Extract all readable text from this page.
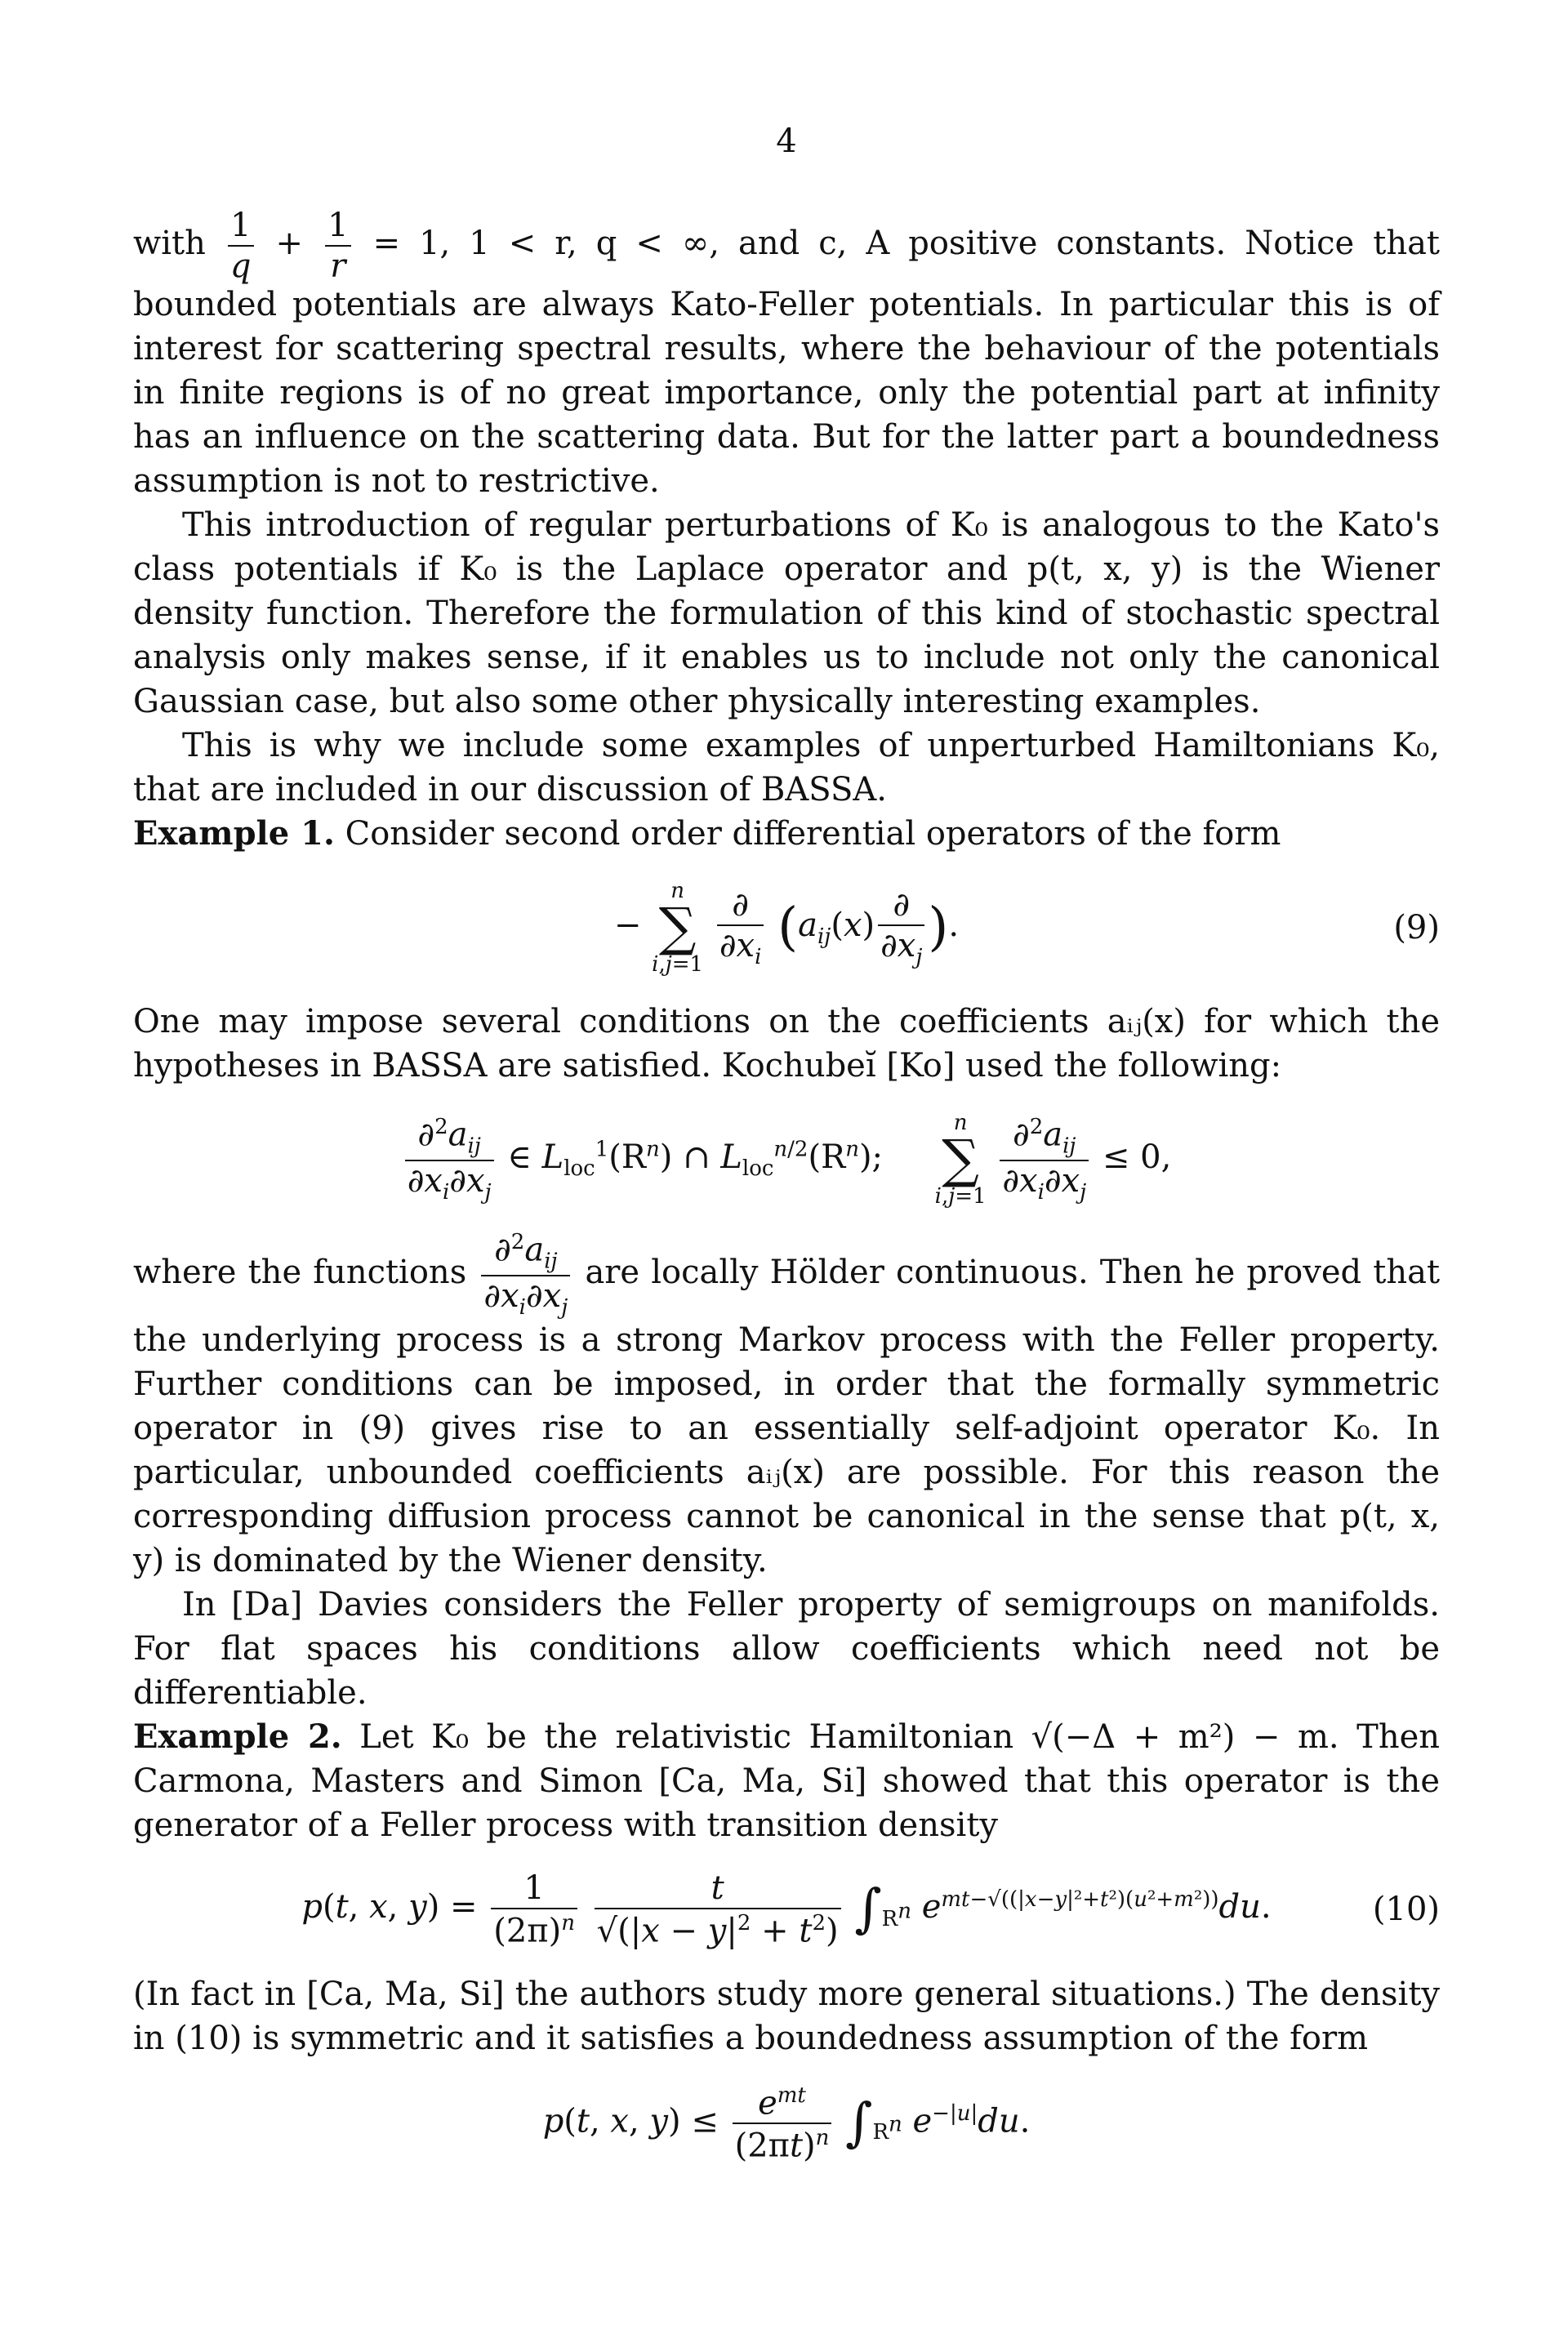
4

with $\frac{1}{q} + \frac{1}{r} = 1$, 1 < r, q < ∞, and c, A positive constants. Notice that bounded potentials are always Kato-Feller potentials. In particular this is of interest for scattering spectral results, where the behaviour of the potentials in finite regions is of no great importance, only the potential part at infinity has an influence on the scattering data. But for the latter part a boundedness assumption is not to restrictive.

This introduction of regular perturbations of K₀ is analogous to the Kato's class potentials if K₀ is the Laplace operator and p(t, x, y) is the Wiener density function. Therefore the formulation of this kind of stochastic spectral analysis only makes sense, if it enables us to include not only the canonical Gaussian case, but also some other physically interesting examples.

This is why we include some examples of unperturbed Hamiltonians K₀, that are included in our discussion of BASSA.

Example 1. Consider second order differential operators of the form

−
n
∑
i,j=1
$\frac{\partial}{\partial x_i} (a_{ij}(x) \frac{\partial}{\partial x_j}$ ).	(9)

One may impose several conditions on the coefficients aᵢⱼ(x) for which the hypotheses in BASSA are satisfied. Kochubeĭ [Ko] used the following:

$\frac{\partial^2a_{ij}}{\partial x_i\partial x_j}$ ∈ $L_{loc}^1(R^n)$ ∩ $L_{loc}^{n/2}(R^n)$;
n
∑
i,j=1
$\frac{\partial^2a_{ij}}{\partial x_i\partial x_j} \le 0$,

where the functions $\frac{\partial^2a_{ij}}{\partial x_i\partial x_j}$ are locally Hölder continuous. Then he proved that the underlying process is a strong Markov process with the Feller property. Further conditions can be imposed, in order that the formally symmetric operator in (9) gives rise to an essentially self-adjoint operator K₀. In particular, unbounded coefficients aᵢⱼ(x) are possible. For this reason the corresponding diffusion process cannot be canonical in the sense that p(t, x, y) is dominated by the Wiener density.

In [Da] Davies considers the Feller property of semigroups on manifolds. For flat spaces his conditions allow coefficients which need not be differentiable.

Example 2. Let K₀ be the relativistic Hamiltonian √(−Δ + m²) − m. Then Carmona, Masters and Simon [Ca, Ma, Si] showed that this operator is the generator of a Feller process with transition density

p(t, x, $y) = \frac{1}{(2\pi)^n}$
$\frac{t}{√(|x - y|^2 + t^2)} \int_{Rn}$ $e^{mt-√((|x-y|^2+t^2)(u^2+m^2))}du$.	(10)

(In fact in [Ca, Ma, Si] the authors study more general situations.) The density in (10) is symmetric and it satisfies a boundedness assumption of the form

p(t, x, $y) \le \frac{e^{mt}}{(2\pi t)^n} \int_{Rn}$ $e^{-|u|}du$.
